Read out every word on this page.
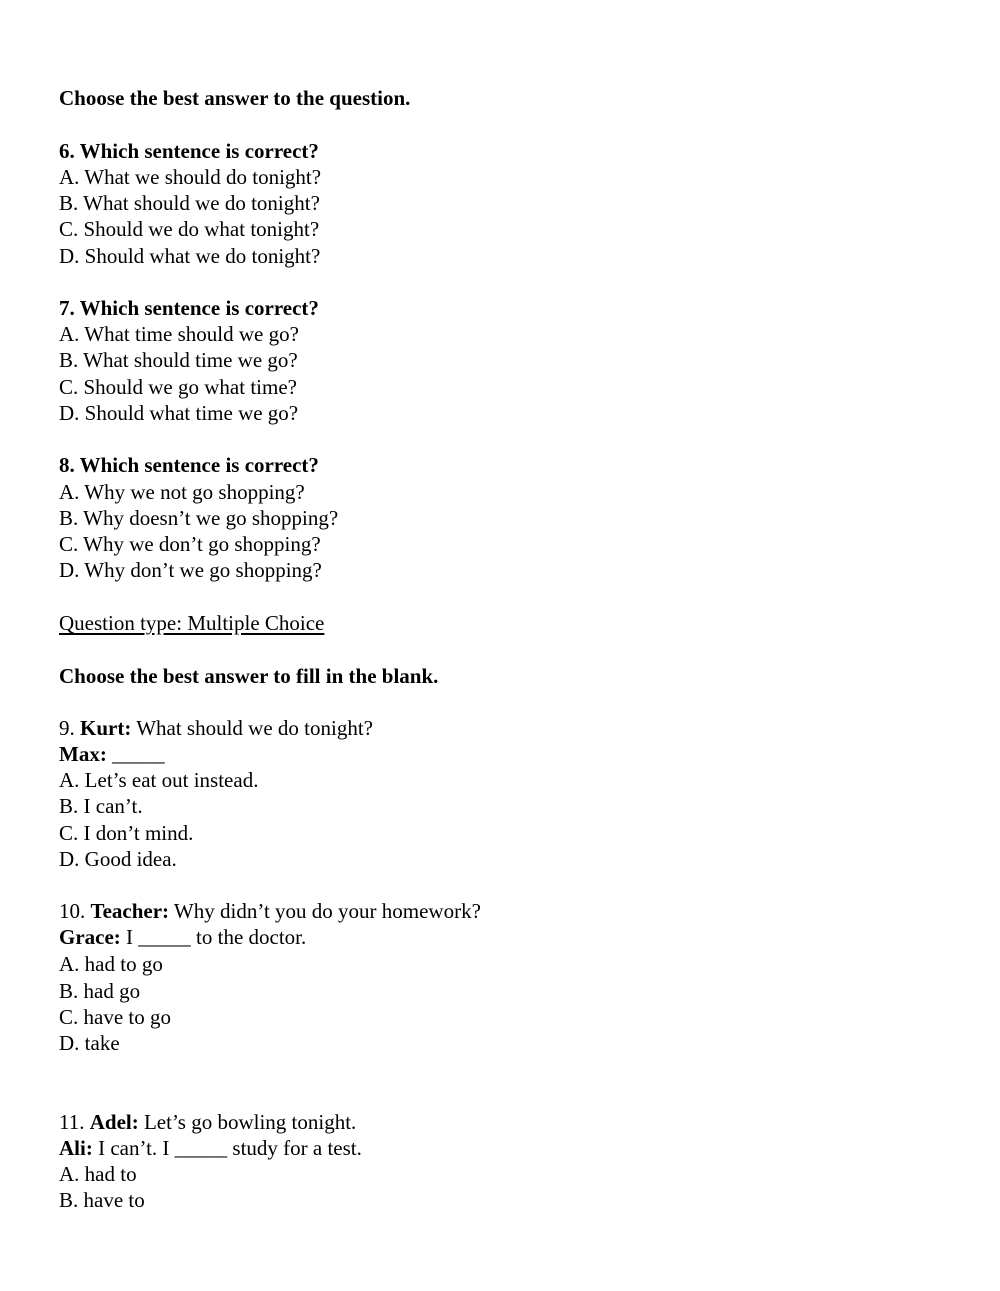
Choose the best answer to the question.
6. Which sentence is correct?
A. What we should do tonight?
B. What should we do tonight?
C. Should we do what tonight?
D. Should what we do tonight?
7. Which sentence is correct?
A. What time should we go?
B. What should time we go?
C. Should we go what time?
D. Should what time we go?
8. Which sentence is correct?
A. Why we not go shopping?
B. Why doesn’t we go shopping?
C. Why we don’t go shopping?
D. Why don’t we go shopping?
Question type: Multiple Choice
Choose the best answer to fill in the blank.
9. Kurt: What should we do tonight?
Max: _____
A. Let’s eat out instead.
B. I can’t.
C. I don’t mind.
D. Good idea.
10. Teacher: Why didn’t you do your homework?
Grace: I _____ to the doctor.
A. had to go
B. had go
C. have to go
D. take
11. Adel: Let’s go bowling tonight.
Ali: I can’t. I _____ study for a test.
A. had to
B. have to
